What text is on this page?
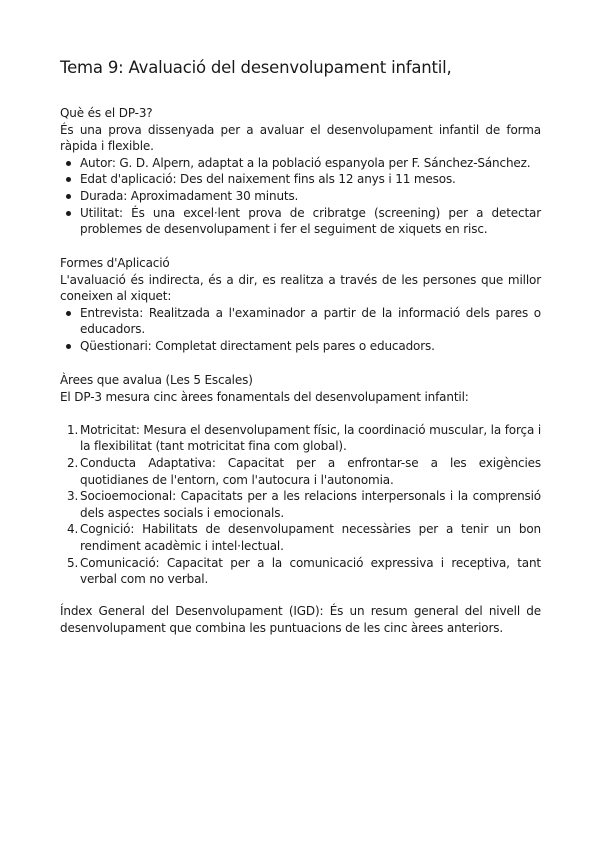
Tema 9: Avaluació del desenvolupament infantil,

Què és el DP-3?

És una prova dissenyada per a avaluar el desenvolupament infantil de forma ràpida i flexible.

Autor: G. D. Alpern, adaptat a la població espanyola per F. Sánchez-Sánchez.
Edat d'aplicació: Des del naixement fins als 12 anys i 11 mesos.
Durada: Aproximadament 30 minuts.
Utilitat: És una excel·lent prova de cribratge (screening) per a detectar problemes de desenvolupament i fer el seguiment de xiquets en risc.

Formes d'Aplicació

L'avaluació és indirecta, és a dir, es realitza a través de les persones que millor coneixen al xiquet:

Entrevista: Realitzada a l'examinador a partir de la informació dels pares o educadors.
Qüestionari: Completat directament pels pares o educadors.

Àrees que avalua (Les 5 Escales)

El DP-3 mesura cinc àrees fonamentals del desenvolupament infantil:

1. Motricitat: Mesura el desenvolupament físic, la coordinació muscular, la força i la flexibilitat (tant motricitat fina com global).
2. Conducta Adaptativa: Capacitat per a enfrontar-se a les exigències quotidianes de l'entorn, com l'autocura i l'autonomia.
3. Socioemocional: Capacitats per a les relacions interpersonals i la comprensió dels aspectes socials i emocionals.
4. Cognició: Habilitats de desenvolupament necessàries per a tenir un bon rendiment acadèmic i intel·lectual.
5. Comunicació: Capacitat per a la comunicació expressiva i receptiva, tant verbal com no verbal.

Índex General del Desenvolupament (IGD): És un resum general del nivell de desenvolupament que combina les puntuacions de les cinc àrees anteriors.
